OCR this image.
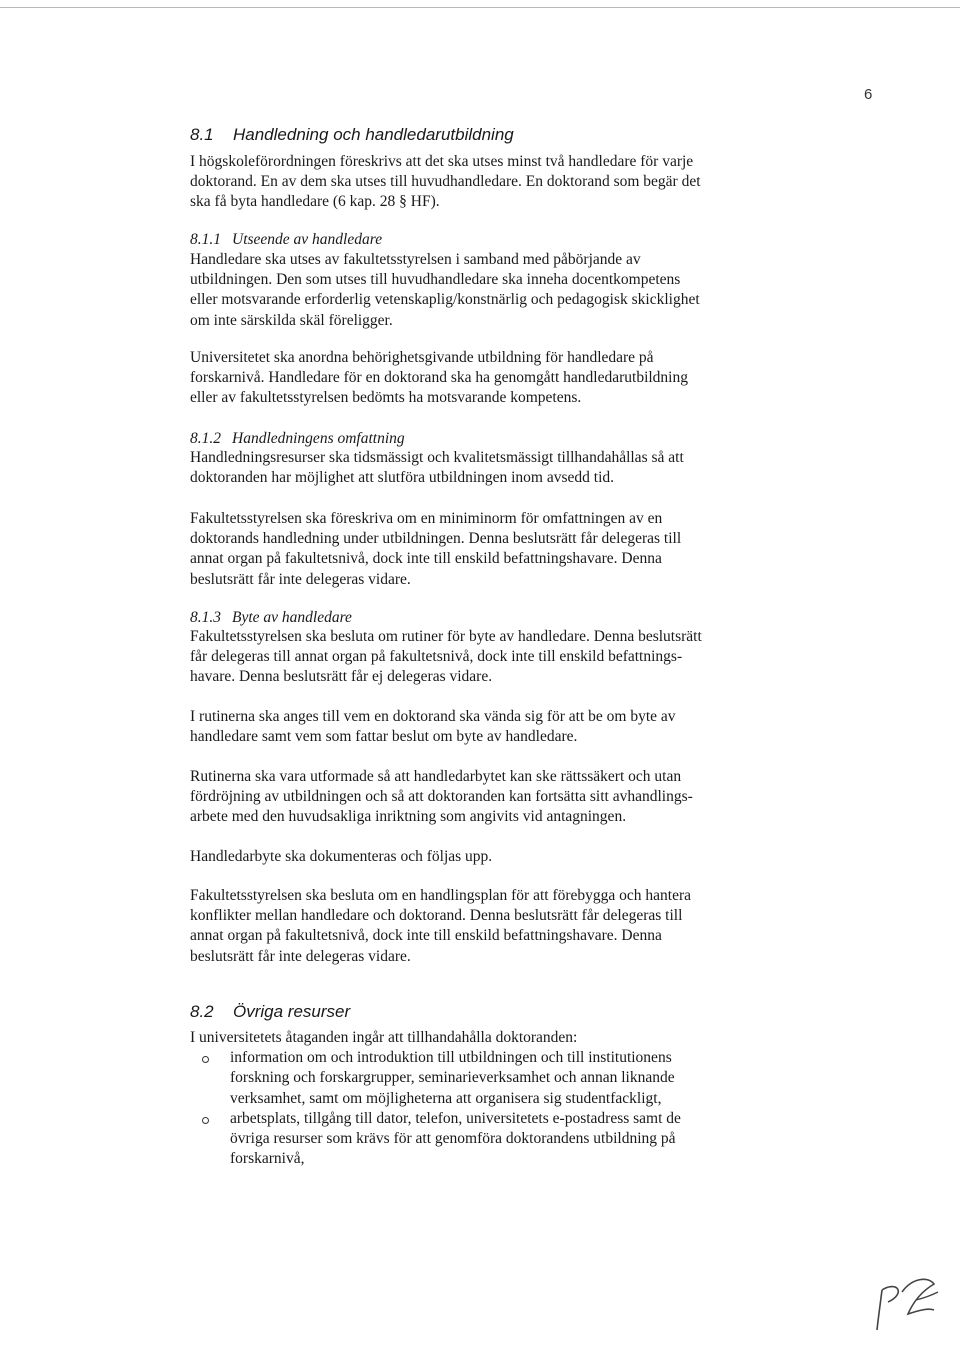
6
8.1 Handledning och handledarutbildning
I högskoleförordningen föreskrivs att det ska utses minst två handledare för varje
doktorand. En av dem ska utses till huvudhandledare. En doktorand som begär det
ska få byta handledare (6 kap. 28 § HF).
8.1.1 Utseende av handledare
Handledare ska utses av fakultetsstyrelsen i samband med påbörjande av
utbildningen. Den som utses till huvudhandledare ska inneha docentkompetens
eller motsvarande erforderlig vetenskaplig/konstnärlig och pedagogisk skicklighet
om inte särskilda skäl föreligger.
Universitetet ska anordna behörighetsgivande utbildning för handledare på
forskarnivå. Handledare för en doktorand ska ha genomgått handledarutbildning
eller av fakultetsstyrelsen bedömts ha motsvarande kompetens.
8.1.2 Handledningens omfattning
Handledningsresurser ska tidsmässigt och kvalitetsmässigt tillhandahållas så att
doktoranden har möjlighet att slutföra utbildningen inom avsedd tid.
Fakultetsstyrelsen ska föreskriva om en miniminorm för omfattningen av en
doktorands handledning under utbildningen. Denna beslutsrätt får delegeras till
annat organ på fakultetsnivå, dock inte till enskild befattningshavare. Denna
beslutsrätt får inte delegeras vidare.
8.1.3 Byte av handledare
Fakultetsstyrelsen ska besluta om rutiner för byte av handledare. Denna beslutsrätt
får delegeras till annat organ på fakultetsnivå, dock inte till enskild befattnings-
havare. Denna beslutsrätt får ej delegeras vidare.
I rutinerna ska anges till vem en doktorand ska vända sig för att be om byte av
handledare samt vem som fattar beslut om byte av handledare.
Rutinerna ska vara utformade så att handledarbytet kan ske rättssäkert och utan
fördröjning av utbildningen och så att doktoranden kan fortsätta sitt avhandlings-
arbete med den huvudsakliga inriktning som angivits vid antagningen.
Handledarbyte ska dokumenteras och följas upp.
Fakultetsstyrelsen ska besluta om en handlingsplan för att förebygga och hantera
konflikter mellan handledare och doktorand. Denna beslutsrätt får delegeras till
annat organ på fakultetsnivå, dock inte till enskild befattningshavare. Denna
beslutsrätt får inte delegeras vidare.
8.2 Övriga resurser
I universitetets åtaganden ingår att tillhandahålla doktoranden:
information om och introduktion till utbildningen och till institutionens
forskning och forskargrupper, seminarieverksamhet och annan liknande
verksamhet, samt om möjligheterna att organisera sig studentfackligt,
arbetsplats, tillgång till dator, telefon, universitetets e-postadress samt de
övriga resurser som krävs för att genomföra doktorandens utbildning på
forskarnivå,
